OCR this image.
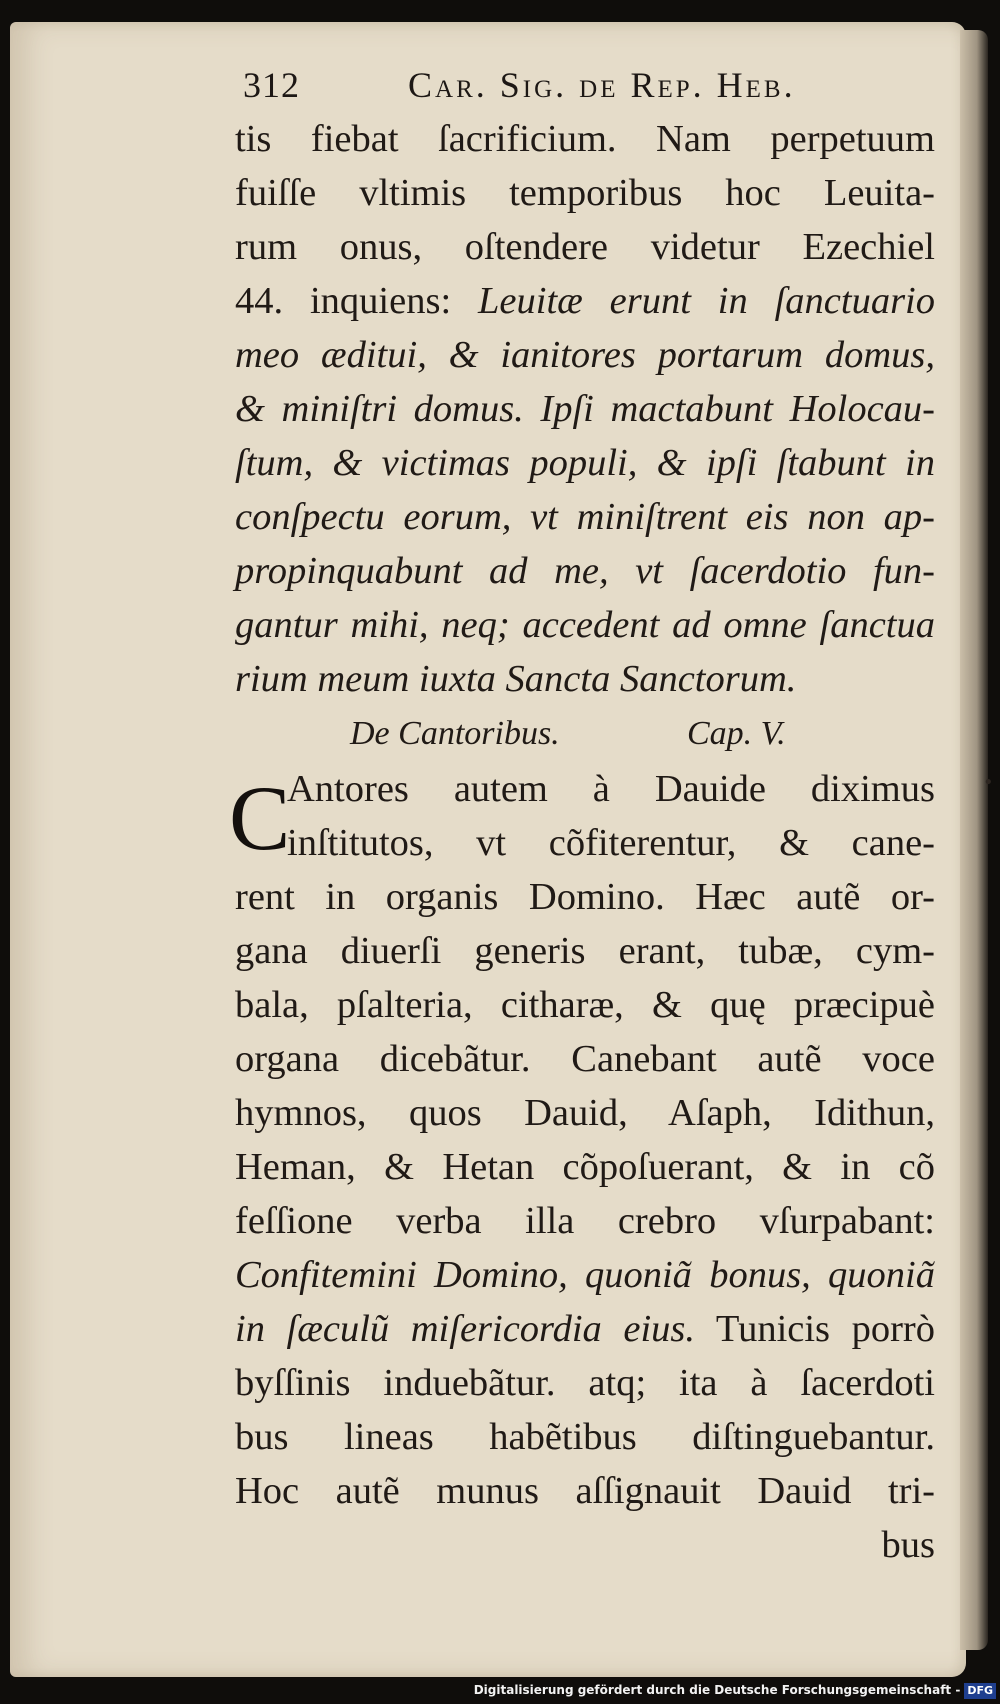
312	Car. Sig. de Rep. Heb.
tis fiebat ſacrificium. Nam perpetuum
fuiſſe vltimis temporibus hoc Leuita-
rum onus, oſtendere videtur Ezechiel
44. inquiens: Leuitæ erunt in ſanctuario
meo æditui, & ianitores portarum domus,
& miniſtri domus. Ipſi mactabunt Holocau-
ſtum, & victimas populi, & ipſi ſtabunt in
conſpectu eorum, vt miniſtrent eis non ap-
propinquabunt ad me, vt ſacerdotio fun-
gantur mihi, neq; accedent ad omne ſanctua
rium meum iuxta Sancta Sanctorum.
De Cantoribus.	Cap. V.
C
Antores autem à Dauide diximus
inſtitutos, vt cõfiterentur, & cane-
rent in organis Domino. Hæc autẽ or-
gana diuerſi generis erant, tubæ, cym-
bala, pſalteria, citharæ, & quę præcipuè
organa dicebãtur. Canebant autẽ voce
hymnos, quos Dauid, Aſaph, Idithun,
Heman, & Hetan cõpoſuerant, & in cõ
feſſione verba illa crebro vſurpabant:
Confitemini Domino, quoniã bonus, quoniã
in ſæculũ miſericordia eius. Tunicis porrò
byſſinis induebãtur. atq; ita à ſacerdoti
bus lineas habẽtibus diſtinguebantur.
Hoc autẽ munus aſſignauit Dauid tri-
bus
•
Digitalisierung gefördert durch die Deutsche Forschungsgemeinschaft - DFG
